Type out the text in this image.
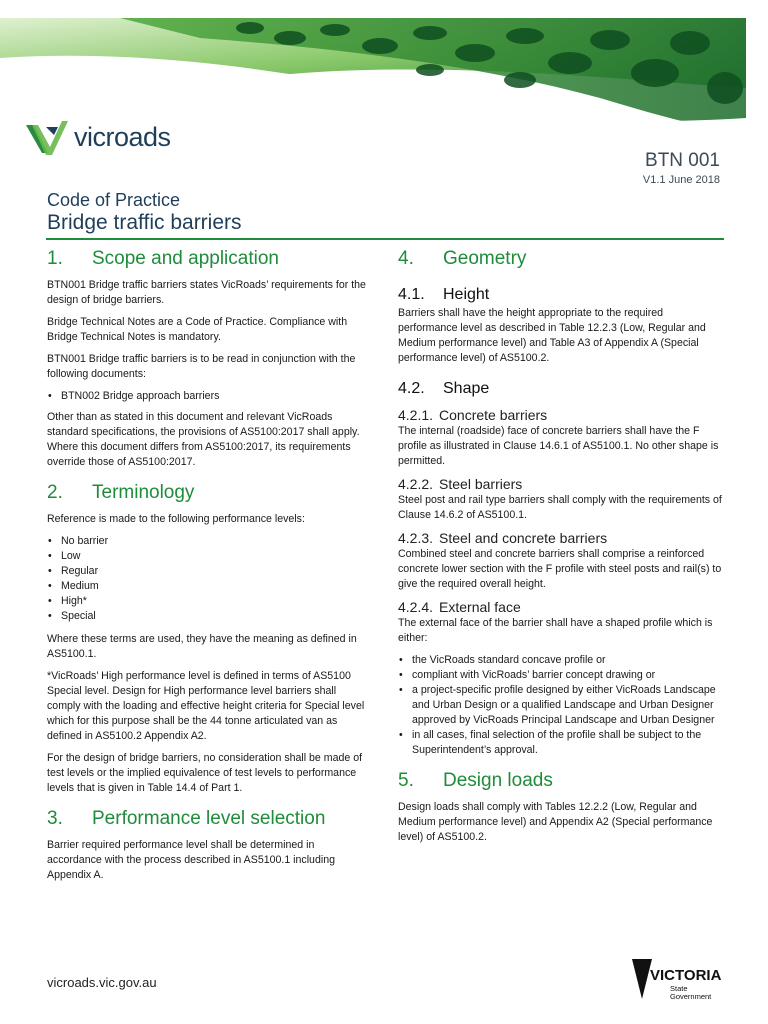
vicroads
BTN 001
V1.1 June 2018
Code of Practice
Bridge traffic barriers
1.	Scope and application

BTN001 Bridge traffic barriers states VicRoads’ requirements for the design of bridge barriers.

Bridge Technical Notes are a Code of Practice. Compliance with Bridge Technical Notes is mandatory.

BTN001 Bridge traffic barriers is to be read in conjunction with the following documents:

• BTN002 Bridge approach barriers

Other than as stated in this document and relevant VicRoads standard specifications, the provisions of AS5100:2017 shall apply. Where this document differs from AS5100:2017, its requirements override those of AS5100:2017.

2.	Terminology

Reference is made to the following performance levels:

• No barrier
• Low
• Regular
• Medium
• High*
• Special

Where these terms are used, they have the meaning as defined in AS5100.1.

*VicRoads’ High performance level is defined in terms of AS5100 Special level. Design for High performance level barriers shall comply with the loading and effective height criteria for Special level which for this purpose shall be the 44 tonne articulated van as defined in AS5100.2 Appendix A2.

For the design of bridge barriers, no consideration shall be made of test levels or the implied equivalence of test levels to performance levels that is given in Table 14.4 of Part 1.

3.	Performance level selection

Barrier required performance level shall be determined in accordance with the process described in AS5100.1 including Appendix A.

4.	Geometry
4.1.	Height

Barriers shall have the height appropriate to the required performance level as described in Table 12.2.3 (Low, Regular and Medium performance level) and Table A3 of Appendix A (Special performance level) of AS5100.2.

4.2.	Shape
4.2.1. Concrete barriers

The internal (roadside) face of concrete barriers shall have the F profile as illustrated in Clause 14.6.1 of AS5100.1. No other shape is permitted.

4.2.2. Steel barriers

Steel post and rail type barriers shall comply with the requirements of Clause 14.6.2 of AS5100.1.

4.2.3. Steel and concrete barriers

Combined steel and concrete barriers shall comprise a reinforced concrete lower section with the F profile with steel posts and rail(s) to give the required overall height.

4.2.4. External face

The external face of the barrier shall have a shaped profile which is either:

• the VicRoads standard concave profile or
• compliant with VicRoads’ barrier concept drawing or
• a project-specific profile designed by either VicRoads Landscape and Urban Design or a qualified Landscape and Urban Designer approved by VicRoads Principal Landscape and Urban Designer
• in all cases, final selection of the profile shall be subject to the Superintendent’s approval.
5.	Design loads

Design loads shall comply with Tables 12.2.2 (Low, Regular and Medium performance level) and Appendix A2 (Special performance level) of AS5100.2.

vicroads.vic.gov.au	VICTORIA
State
Government
